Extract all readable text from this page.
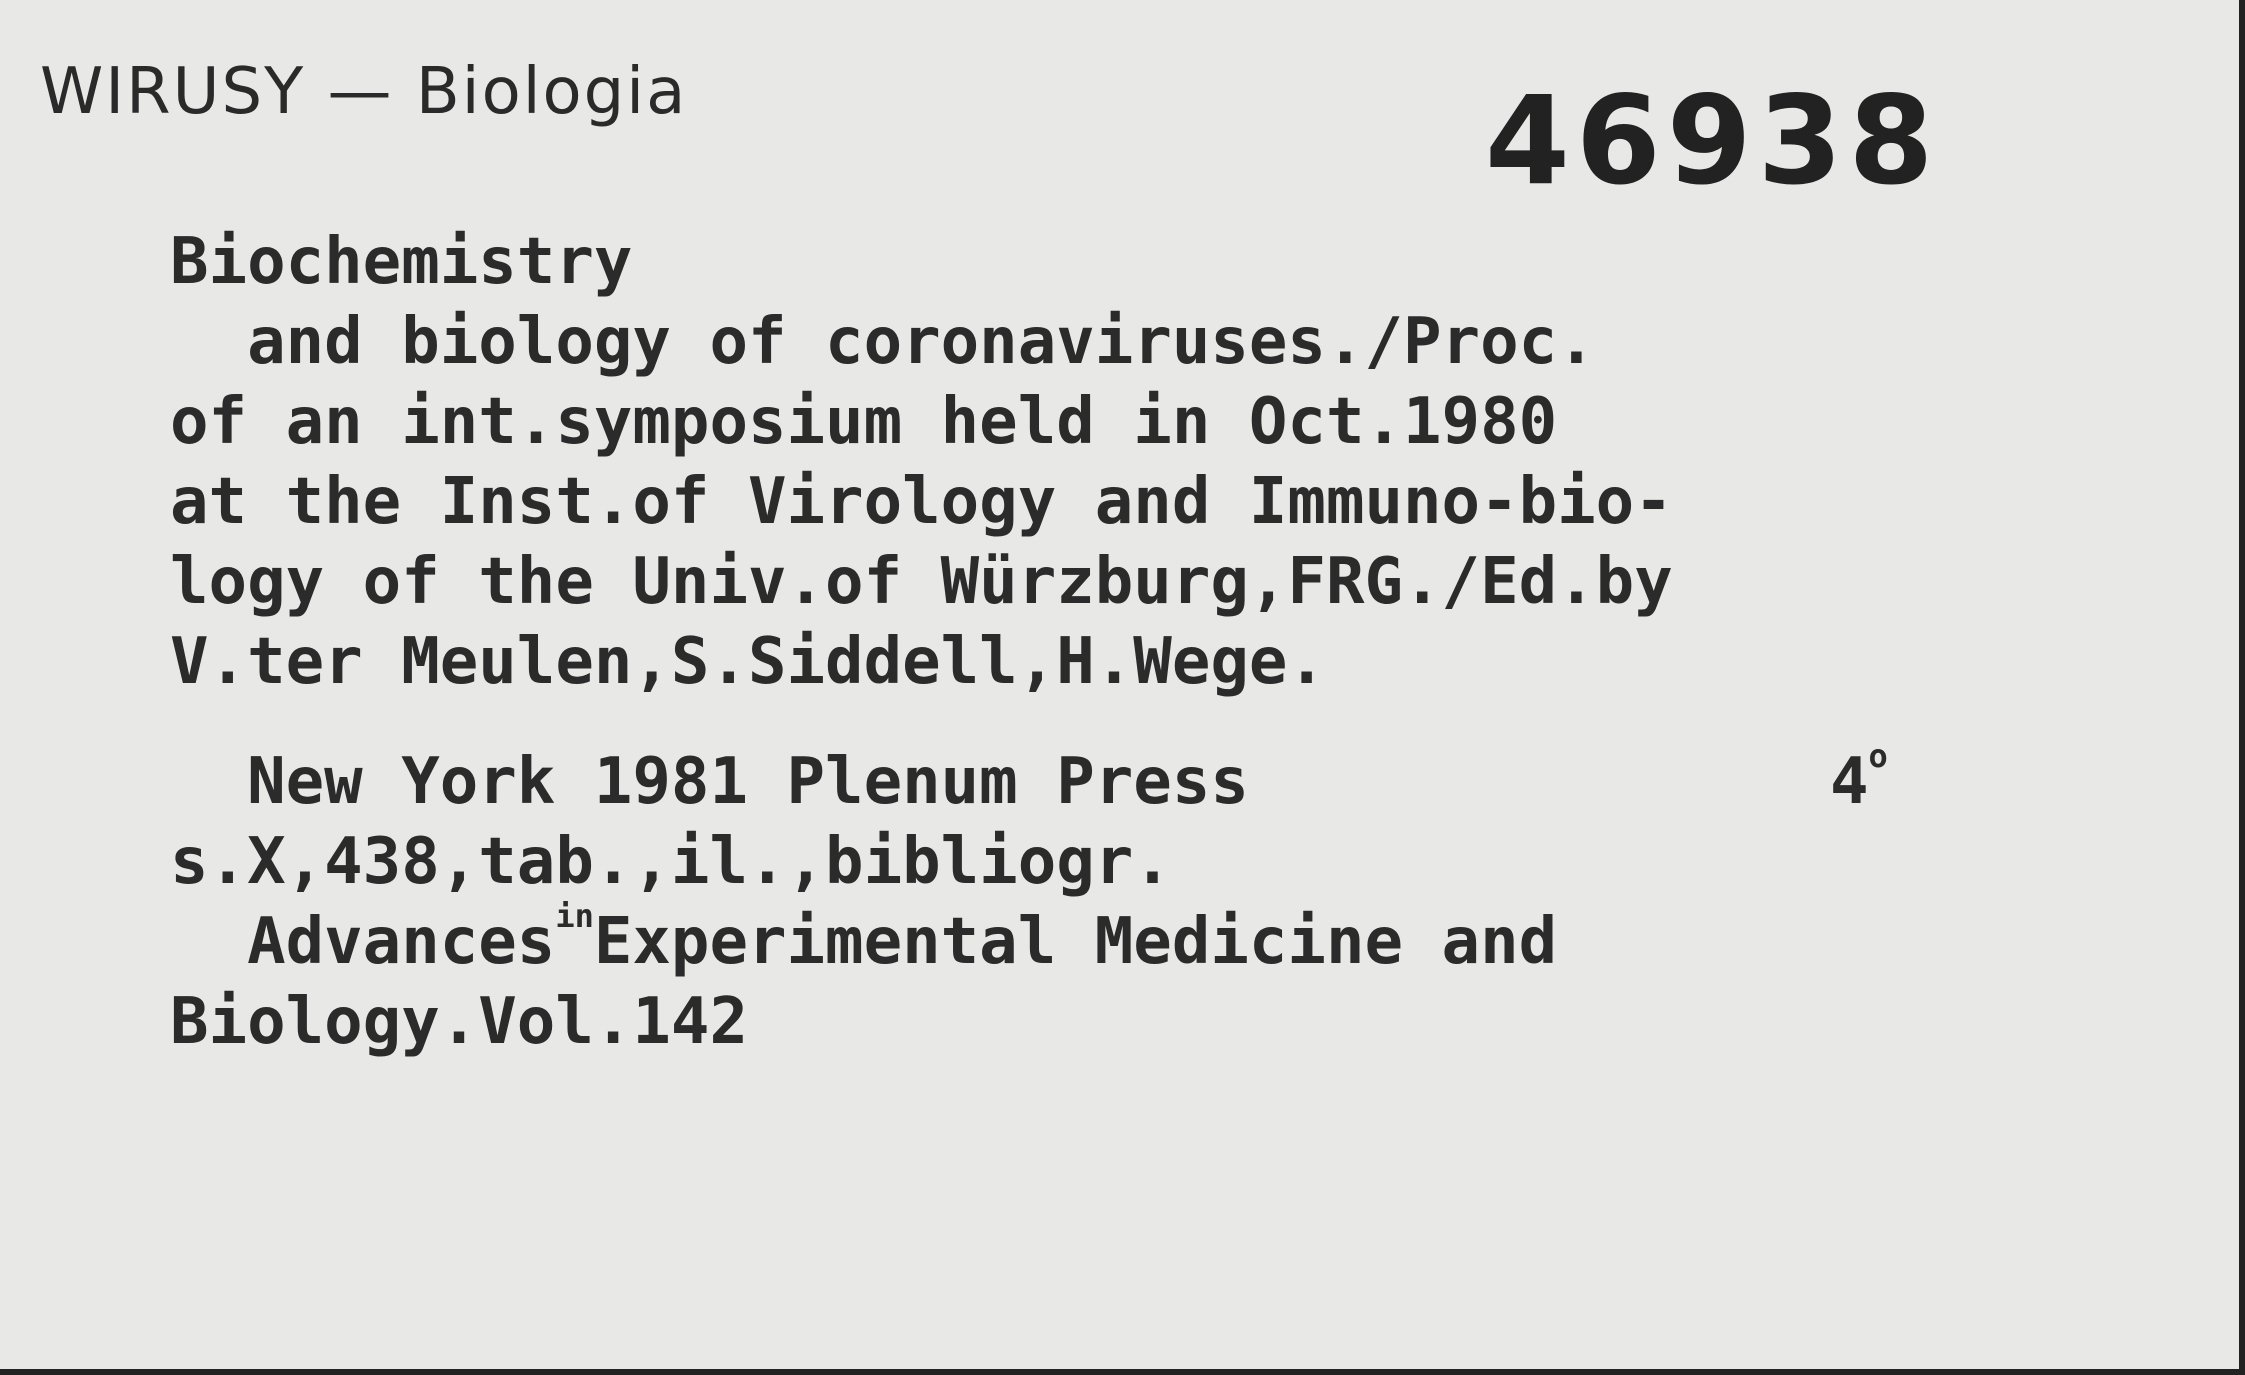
WIRUSY — Biologia	46938
Biochemistry
and biology of coronaviruses./Proc.
of an int.symposium held in Oct.1980
at the Inst.of Virology and Immuno-bio-
logy of the Univ.of Würzburg,FRG./Ed.by
V.ter Meulen,S.Siddell,H.Wege.
New York 1981 Plenum Press	4$^o$
s.X,438,tab.,il.,bibliogr.
Advances$^{in}$Experimental Medicine and
Biology.Vol.142
